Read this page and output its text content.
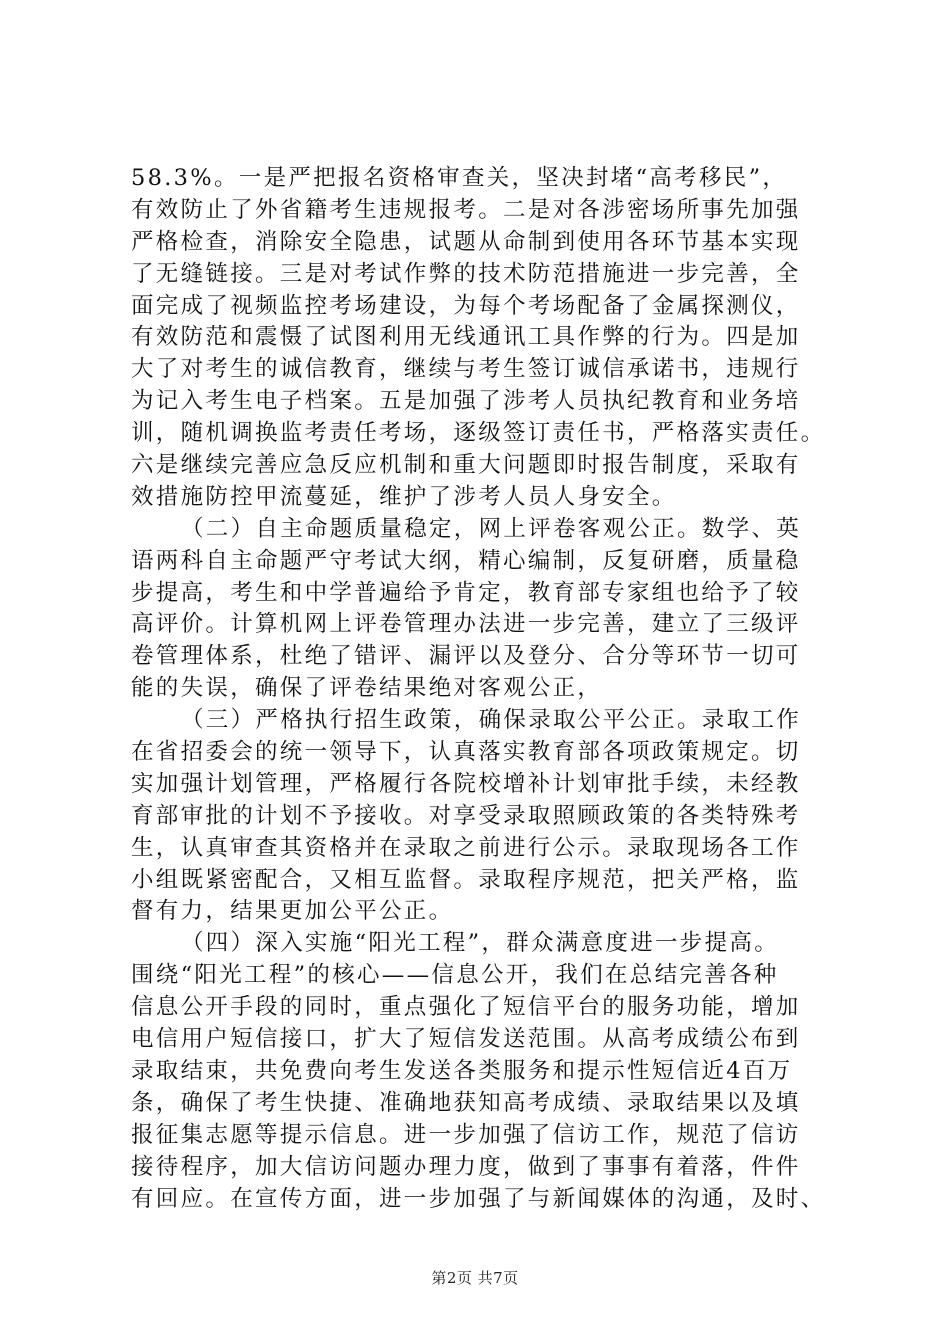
58.3%。一是严把报名资格审查关，坚决封堵“高考移民”，
有效防止了外省籍考生违规报考。二是对各涉密场所事先加强
严格检查，消除安全隐患，试题从命制到使用各环节基本实现
了无缝链接。三是对考试作弊的技术防范措施进一步完善，全
面完成了视频监控考场建设，为每个考场配备了金属探测仪，
有效防范和震慑了试图利用无线通讯工具作弊的行为。四是加
大了对考生的诚信教育，继续与考生签订诚信承诺书，违规行
为记入考生电子档案。五是加强了涉考人员执纪教育和业务培
训，随机调换监考责任考场，逐级签订责任书，严格落实责任。
六是继续完善应急反应机制和重大问题即时报告制度，采取有
效措施防控甲流蔓延，维护了涉考人员人身安全。
（二）自主命题质量稳定，网上评卷客观公正。数学、英
语两科自主命题严守考试大纲，精心编制，反复研磨，质量稳
步提高，考生和中学普遍给予肯定，教育部专家组也给予了较
高评价。计算机网上评卷管理办法进一步完善，建立了三级评
卷管理体系，杜绝了错评、漏评以及登分、合分等环节一切可
能的失误，确保了评卷结果绝对客观公正，
（三）严格执行招生政策，确保录取公平公正。录取工作
在省招委会的统一领导下，认真落实教育部各项政策规定。切
实加强计划管理，严格履行各院校增补计划审批手续，未经教
育部审批的计划不予接收。对享受录取照顾政策的各类特殊考
生，认真审查其资格并在录取之前进行公示。录取现场各工作
小组既紧密配合，又相互监督。录取程序规范，把关严格，监
督有力，结果更加公平公正。
（四）深入实施“阳光工程”，群众满意度进一步提高。
围绕“阳光工程”的核心——信息公开，我们在总结完善各种
信息公开手段的同时，重点强化了短信平台的服务功能，增加
电信用户短信接口，扩大了短信发送范围。从高考成绩公布到
录取结束，共免费向考生发送各类服务和提示性短信近4百万
条，确保了考生快捷、准确地获知高考成绩、录取结果以及填
报征集志愿等提示信息。进一步加强了信访工作，规范了信访
接待程序，加大信访问题办理力度，做到了事事有着落，件件
有回应。在宣传方面，进一步加强了与新闻媒体的沟通，及时、
第2页 共7页
